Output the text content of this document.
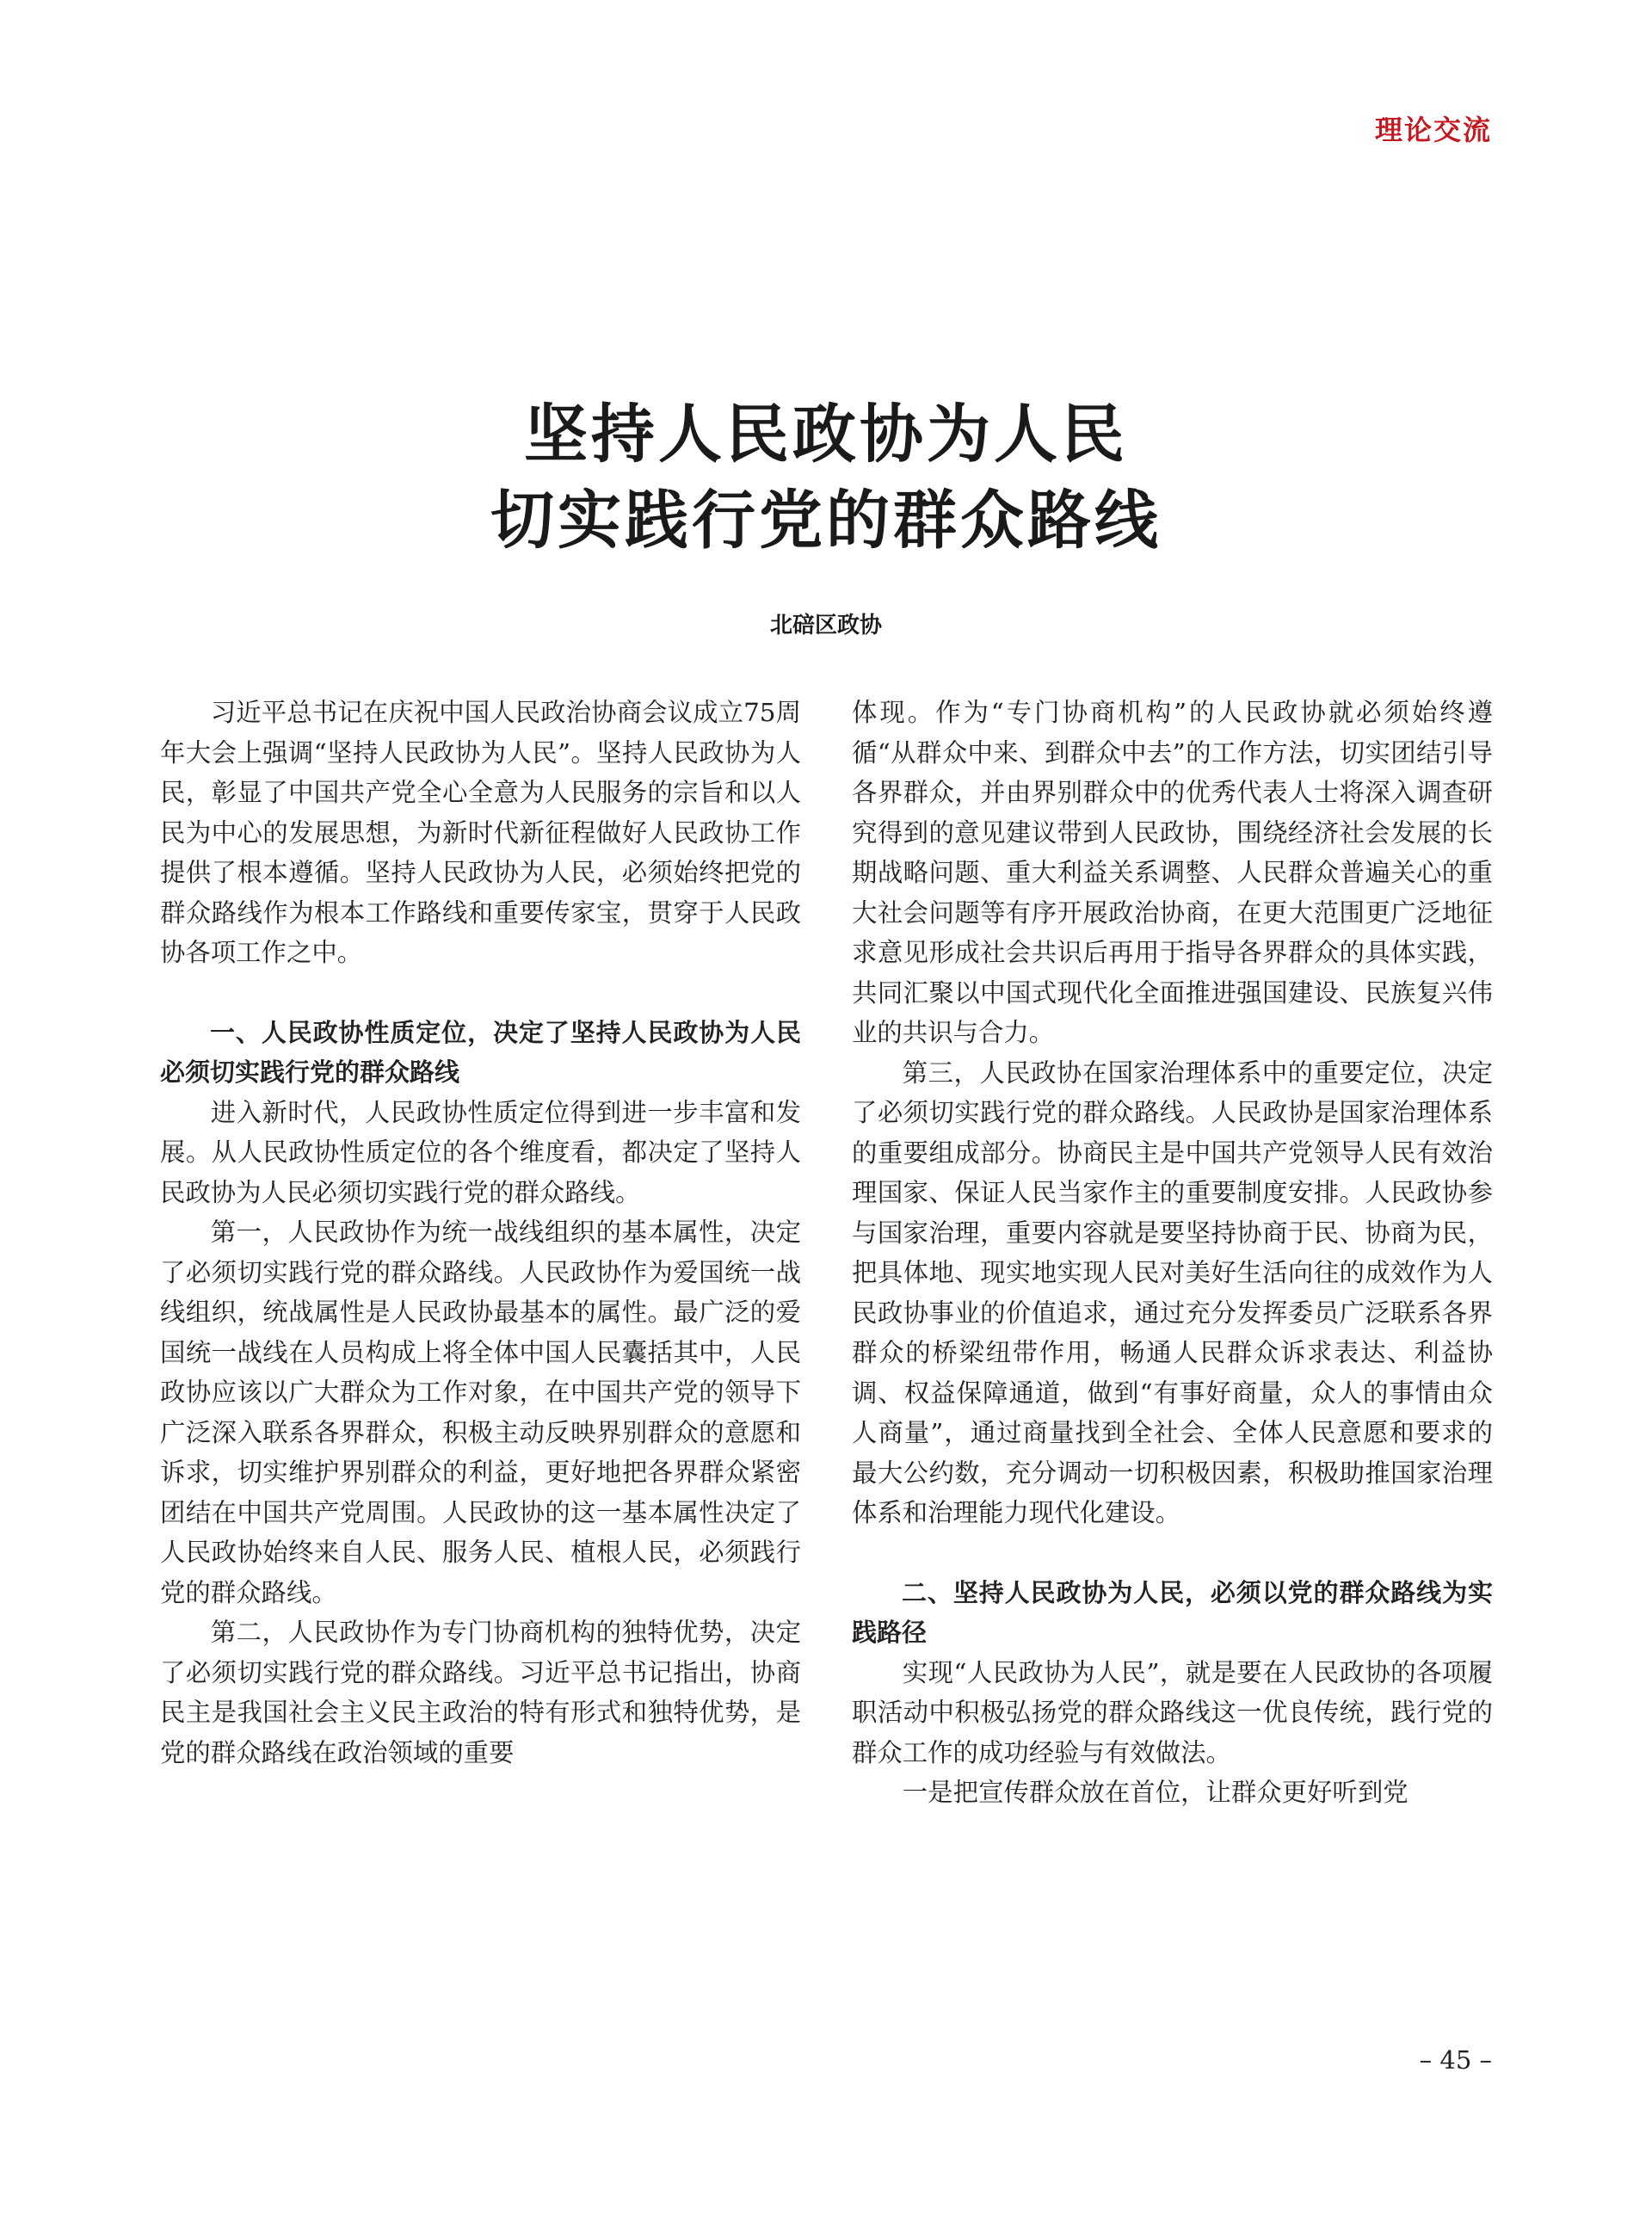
理论交流
坚持人民政协为人民
切实践行党的群众路线
北碚区政协

习近平总书记在庆祝中国人民政治协商会议成立75周年大会上强调“坚持人民政协为人民”。坚持人民政协为人民，彰显了中国共产党全心全意为人民服务的宗旨和以人民为中心的发展思想，为新时代新征程做好人民政协工作提供了根本遵循。坚持人民政协为人民，必须始终把党的群众路线作为根本工作路线和重要传家宝，贯穿于人民政协各项工作之中。

一、人民政协性质定位，决定了坚持人民政协为人民必须切实践行党的群众路线

进入新时代，人民政协性质定位得到进一步丰富和发展。从人民政协性质定位的各个维度看，都决定了坚持人民政协为人民必须切实践行党的群众路线。

第一，人民政协作为统一战线组织的基本属性，决定了必须切实践行党的群众路线。人民政协作为爱国统一战线组织，统战属性是人民政协最基本的属性。最广泛的爱国统一战线在人员构成上将全体中国人民囊括其中，人民政协应该以广大群众为工作对象，在中国共产党的领导下广泛深入联系各界群众，积极主动反映界别群众的意愿和诉求，切实维护界别群众的利益，更好地把各界群众紧密团结在中国共产党周围。人民政协的这一基本属性决定了人民政协始终来自人民、服务人民、植根人民，必须践行党的群众路线。

第二，人民政协作为专门协商机构的独特优势，决定了必须切实践行党的群众路线。习近平总书记指出，协商民主是我国社会主义民主政治的特有形式和独特优势，是党的群众路线在政治领域的重要

体现。作为“专门协商机构”的人民政协就必须始终遵循“从群众中来、到群众中去”的工作方法，切实团结引导各界群众，并由界别群众中的优秀代表人士将深入调查研究得到的意见建议带到人民政协，围绕经济社会发展的长期战略问题、重大利益关系调整、人民群众普遍关心的重大社会问题等有序开展政治协商，在更大范围更广泛地征求意见形成社会共识后再用于指导各界群众的具体实践，共同汇聚以中国式现代化全面推进强国建设、民族复兴伟业的共识与合力。

第三，人民政协在国家治理体系中的重要定位，决定了必须切实践行党的群众路线。人民政协是国家治理体系的重要组成部分。协商民主是中国共产党领导人民有效治理国家、保证人民当家作主的重要制度安排。人民政协参与国家治理，重要内容就是要坚持协商于民、协商为民，把具体地、现实地实现人民对美好生活向往的成效作为人民政协事业的价值追求，通过充分发挥委员广泛联系各界群众的桥梁纽带作用，畅通人民群众诉求表达、利益协调、权益保障通道，做到“有事好商量，众人的事情由众人商量”，通过商量找到全社会、全体人民意愿和要求的最大公约数，充分调动一切积极因素，积极助推国家治理体系和治理能力现代化建设。

二、坚持人民政协为人民，必须以党的群众路线为实践路径

实现“人民政协为人民”，就是要在人民政协的各项履职活动中积极弘扬党的群众路线这一优良传统，践行党的群众工作的成功经验与有效做法。

一是把宣传群众放在首位，让群众更好听到党

– 45 –
